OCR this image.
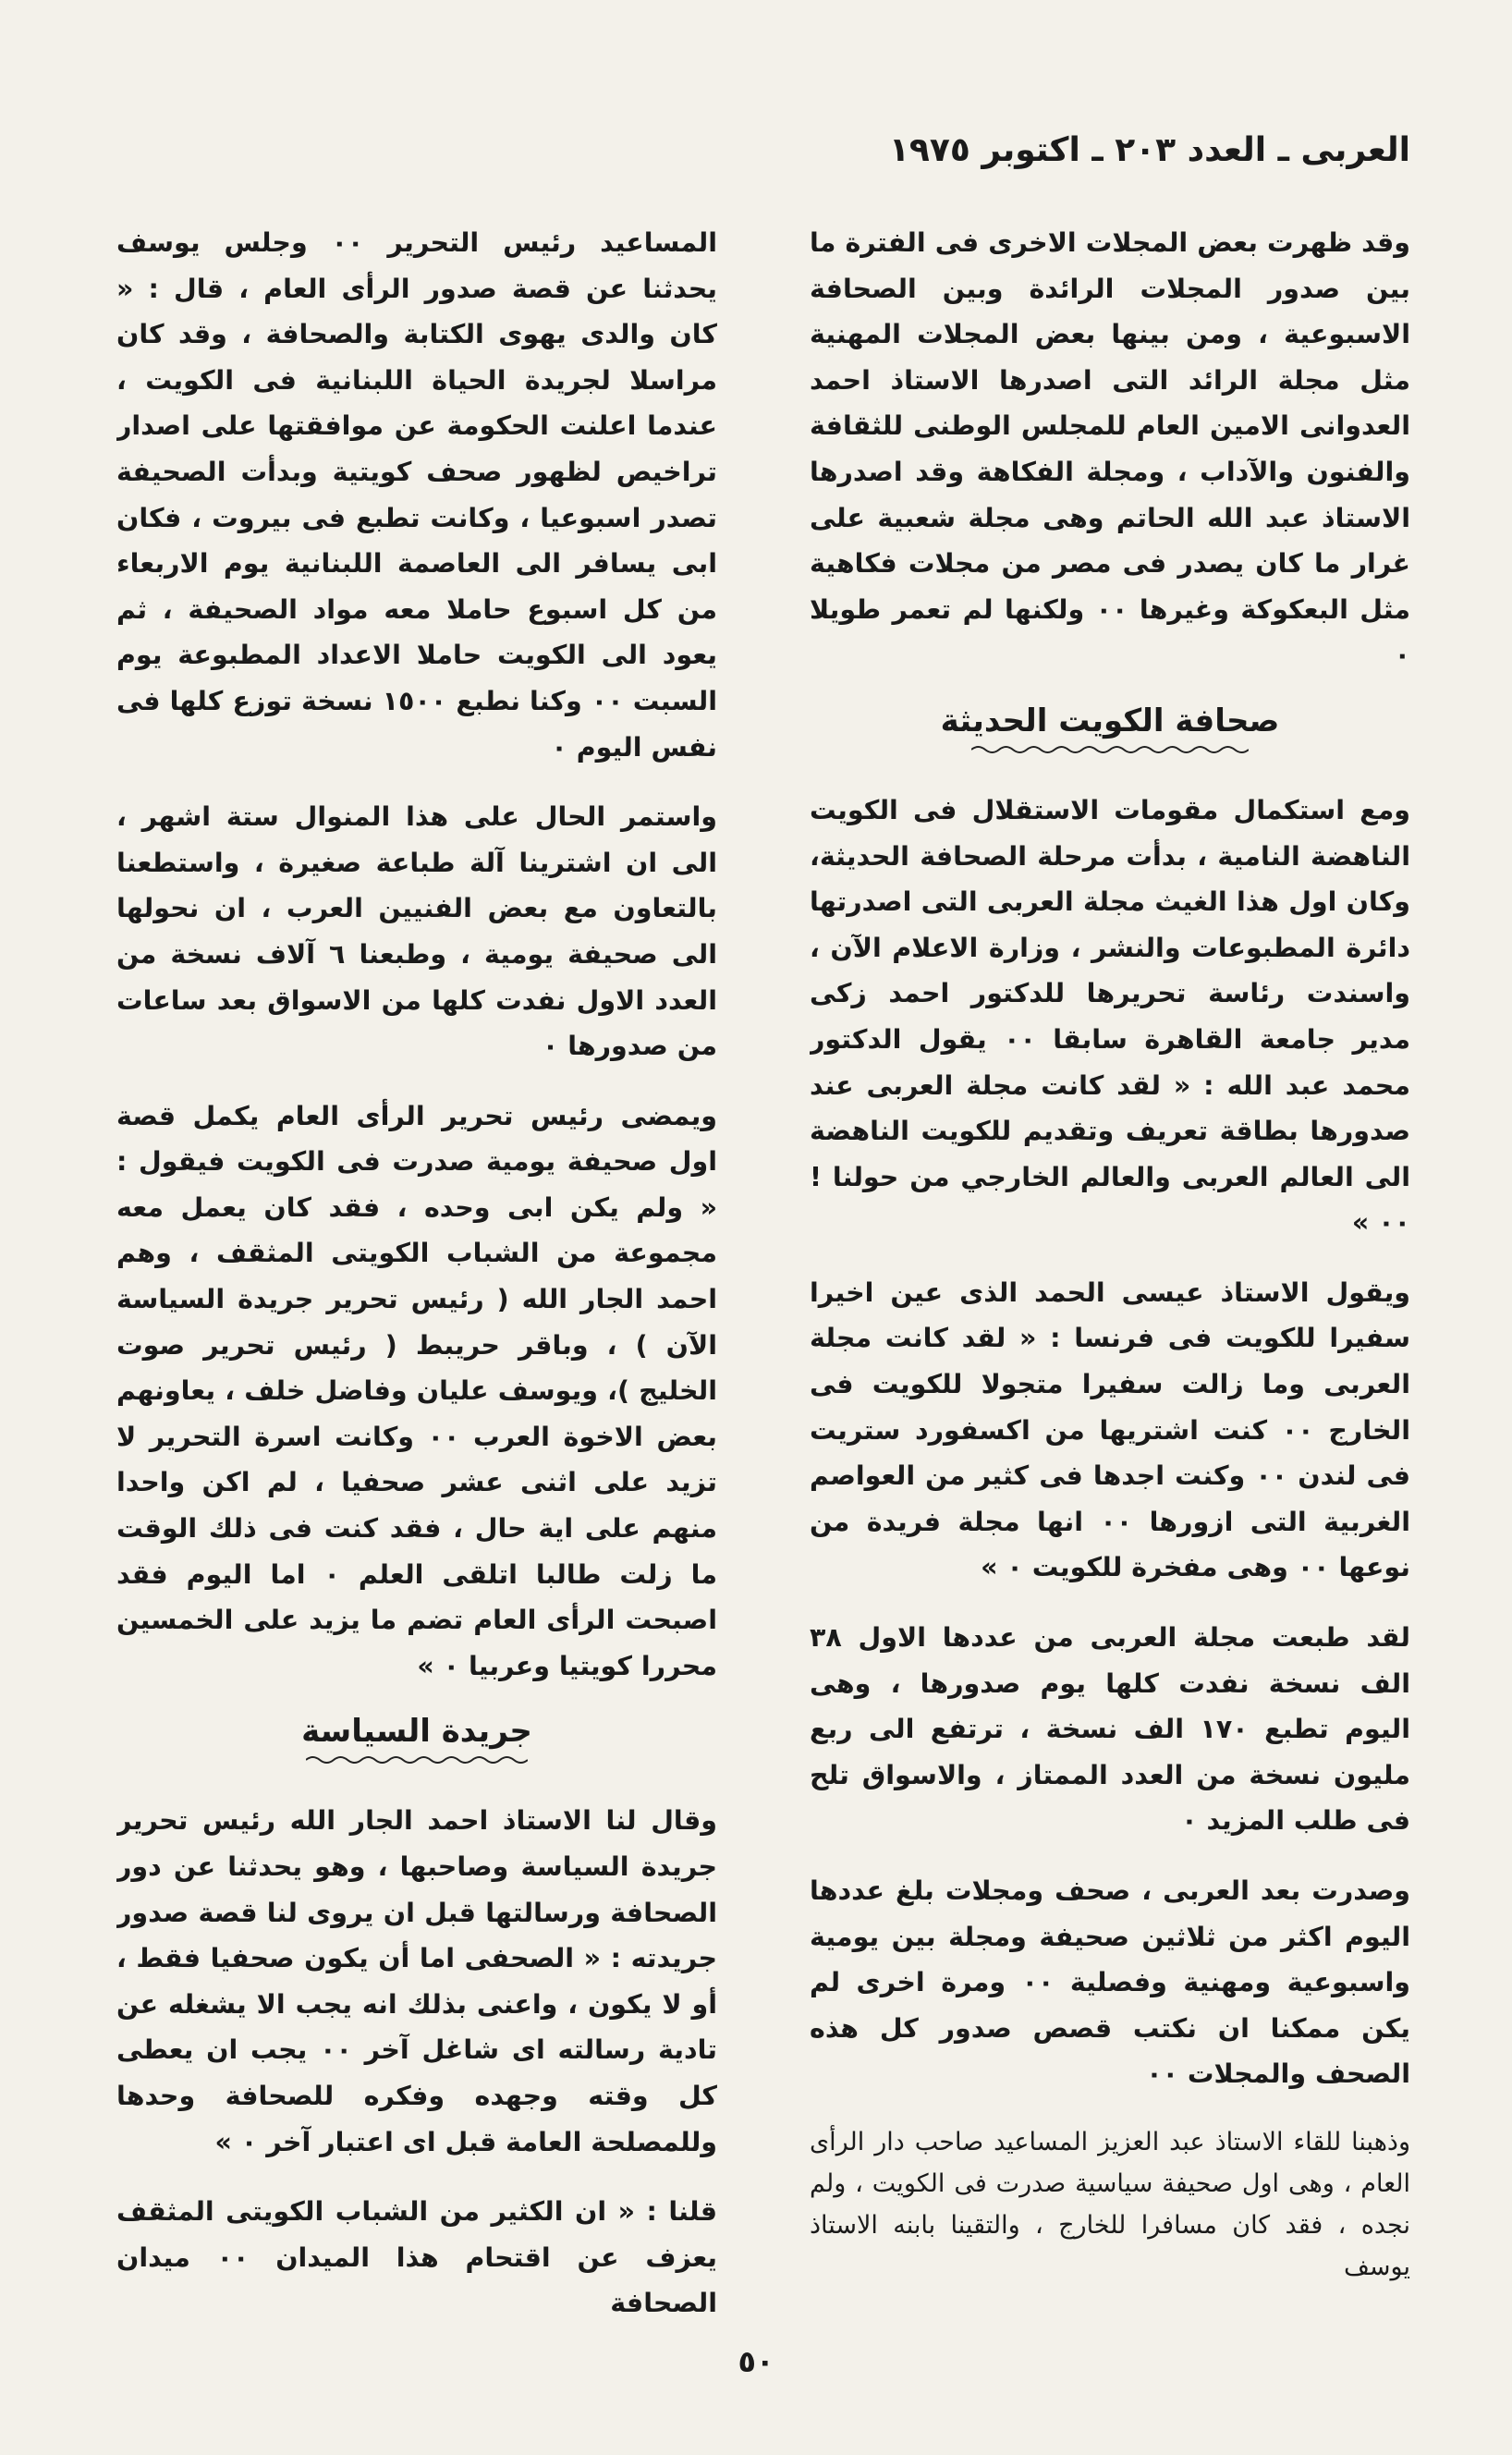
العربى ـ العدد ٢٠٣ ـ اكتوبر ١٩٧٥

وقد ظهرت بعض المجلات الاخرى فى الفترة ما بين صدور المجلات الرائدة وبين الصحافة الاسبوعية ، ومن بينها بعض المجلات المهنية مثل مجلة الرائد التى اصدرها الاستاذ احمد العدوانى الامين العام للمجلس الوطنى للثقافة والفنون والآداب ، ومجلة الفكاهة وقد اصدرها الاستاذ عبد الله الحاتم وهى مجلة شعبية على غرار ما كان يصدر فى مصر من مجلات فكاهية مثل البعكوكة وغيرها ٠٠ ولكنها لم تعمر طويلا ٠

صحافة الكويت الحديثة

ومع استكمال مقومات الاستقلال فى الكويت الناهضة النامية ، بدأت مرحلة الصحافة الحديثة، وكان اول هذا الغيث مجلة العربى التى اصدرتها دائرة المطبوعات والنشر ، وزارة الاعلام الآن ، واسندت رئاسة تحريرها للدكتور احمد زكى مدير جامعة القاهرة سابقا ٠٠ يقول الدكتور محمد عبد الله : « لقد كانت مجلة العربى عند صدورها بطاقة تعريف وتقديم للكويت الناهضة الى العالم العربى والعالم الخارجي من حولنا ! ٠٠ »

ويقول الاستاذ عيسى الحمد الذى عين اخيرا سفيرا للكويت فى فرنسا : « لقد كانت مجلة العربى وما زالت سفيرا متجولا للكويت فى الخارج ٠٠ كنت اشتريها من اكسفورد ستريت فى لندن ٠٠ وكنت اجدها فى كثير من العواصم الغربية التى ازورها ٠٠ انها مجلة فريدة من نوعها ٠٠ وهى مفخرة للكويت ٠ »

لقد طبعت مجلة العربى من عددها الاول ٣٨ الف نسخة نفدت كلها يوم صدورها ، وهى اليوم تطبع ١٧٠ الف نسخة ، ترتفع الى ربع مليون نسخة من العدد الممتاز ، والاسواق تلح فى طلب المزيد ٠

وصدرت بعد العربى ، صحف ومجلات بلغ عددها اليوم اكثر من ثلاثين صحيفة ومجلة بين يومية واسبوعية ومهنية وفصلية ٠٠ ومرة اخرى لم يكن ممكنا ان نكتب قصص صدور كل هذه الصحف والمجلات ٠٠

وذهبنا للقاء الاستاذ عبد العزيز المساعيد صاحب دار الرأى العام ، وهى اول صحيفة سياسية صدرت فى الكويت ، ولم نجده ، فقد كان مسافرا للخارج ، والتقينا بابنه الاستاذ يوسف

المساعيد رئيس التحرير ٠٠ وجلس يوسف يحدثنا عن قصة صدور الرأى العام ، قال : « كان والدى يهوى الكتابة والصحافة ، وقد كان مراسلا لجريدة الحياة اللبنانية فى الكويت ، عندما اعلنت الحكومة عن موافقتها على اصدار تراخيص لظهور صحف كويتية وبدأت الصحيفة تصدر اسبوعيا ، وكانت تطبع فى بيروت ، فكان ابى يسافر الى العاصمة اللبنانية يوم الاربعاء من كل اسبوع حاملا معه مواد الصحيفة ، ثم يعود الى الكويت حاملا الاعداد المطبوعة يوم السبت ٠٠ وكنا نطبع ١٥٠٠ نسخة توزع كلها فى نفس اليوم ٠

واستمر الحال على هذا المنوال ستة اشهر ، الى ان اشترينا آلة طباعة صغيرة ، واستطعنا بالتعاون مع بعض الفنيين العرب ، ان نحولها الى صحيفة يومية ، وطبعنا ٦ آلاف نسخة من العدد الاول نفدت كلها من الاسواق بعد ساعات من صدورها ٠

ويمضى رئيس تحرير الرأى العام يكمل قصة اول صحيفة يومية صدرت فى الكويت فيقول : « ولم يكن ابى وحده ، فقد كان يعمل معه مجموعة من الشباب الكويتى المثقف ، وهم احمد الجار الله ( رئيس تحرير جريدة السياسة الآن ) ، وباقر حريبط ( رئيس تحرير صوت الخليج )، ويوسف عليان وفاضل خلف ، يعاونهم بعض الاخوة العرب ٠٠ وكانت اسرة التحرير لا تزيد على اثنى عشر صحفيا ، لم اكن واحدا منهم على اية حال ، فقد كنت فى ذلك الوقت ما زلت طالبا اتلقى العلم ٠ اما اليوم فقد اصبحت الرأى العام تضم ما يزيد على الخمسين محررا كويتيا وعربيا ٠ »

جريدة السياسة

وقال لنا الاستاذ احمد الجار الله رئيس تحرير جريدة السياسة وصاحبها ، وهو يحدثنا عن دور الصحافة ورسالتها قبل ان يروى لنا قصة صدور جريدته : « الصحفى اما أن يكون صحفيا فقط ، أو لا يكون ، واعنى بذلك انه يجب الا يشغله عن تادية رسالته اى شاغل آخر ٠٠ يجب ان يعطى كل وقته وجهده وفكره للصحافة وحدها وللمصلحة العامة قبل اى اعتبار آخر ٠ »

قلنا : « ان الكثير من الشباب الكويتى المثقف يعزف عن اقتحام هذا الميدان ٠٠ ميدان الصحافة

٥٠
